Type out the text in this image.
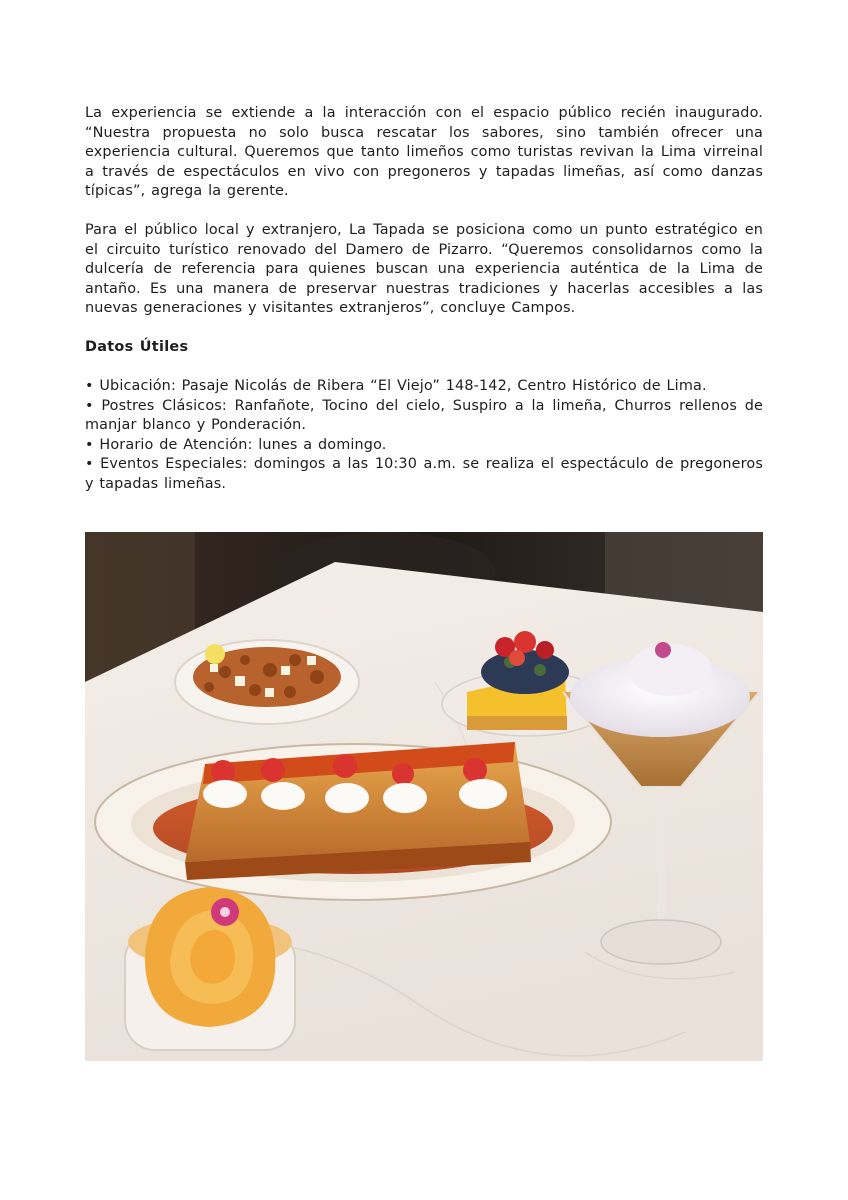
La experiencia se extiende a la interacción con el espacio público recién inaugurado. “Nuestra propuesta no solo busca rescatar los sabores, sino también ofrecer una experiencia cultural. Queremos que tanto limeños como turistas revivan la Lima virreinal a través de espectáculos en vivo con pregoneros y tapadas limeñas, así como danzas típicas”, agrega la gerente.

Para el público local y extranjero, La Tapada se posiciona como un punto estratégico en el circuito turístico renovado del Damero de Pizarro. “Queremos consolidarnos como la dulcería de referencia para quienes buscan una experiencia auténtica de la Lima de antaño. Es una manera de preservar nuestras tradiciones y hacerlas accesibles a las nuevas generaciones y visitantes extranjeros”, concluye Campos.

Datos Útiles

• Ubicación: Pasaje Nicolás de Ribera “El Viejo” 148-142, Centro Histórico de Lima.

• Postres Clásicos: Ranfañote, Tocino del cielo, Suspiro a la limeña, Churros rellenos de manjar blanco y Ponderación.

• Horario de Atención: lunes a domingo.

• Eventos Especiales: domingos a las 10:30 a.m. se realiza el espectáculo de pregoneros y tapadas limeñas.
